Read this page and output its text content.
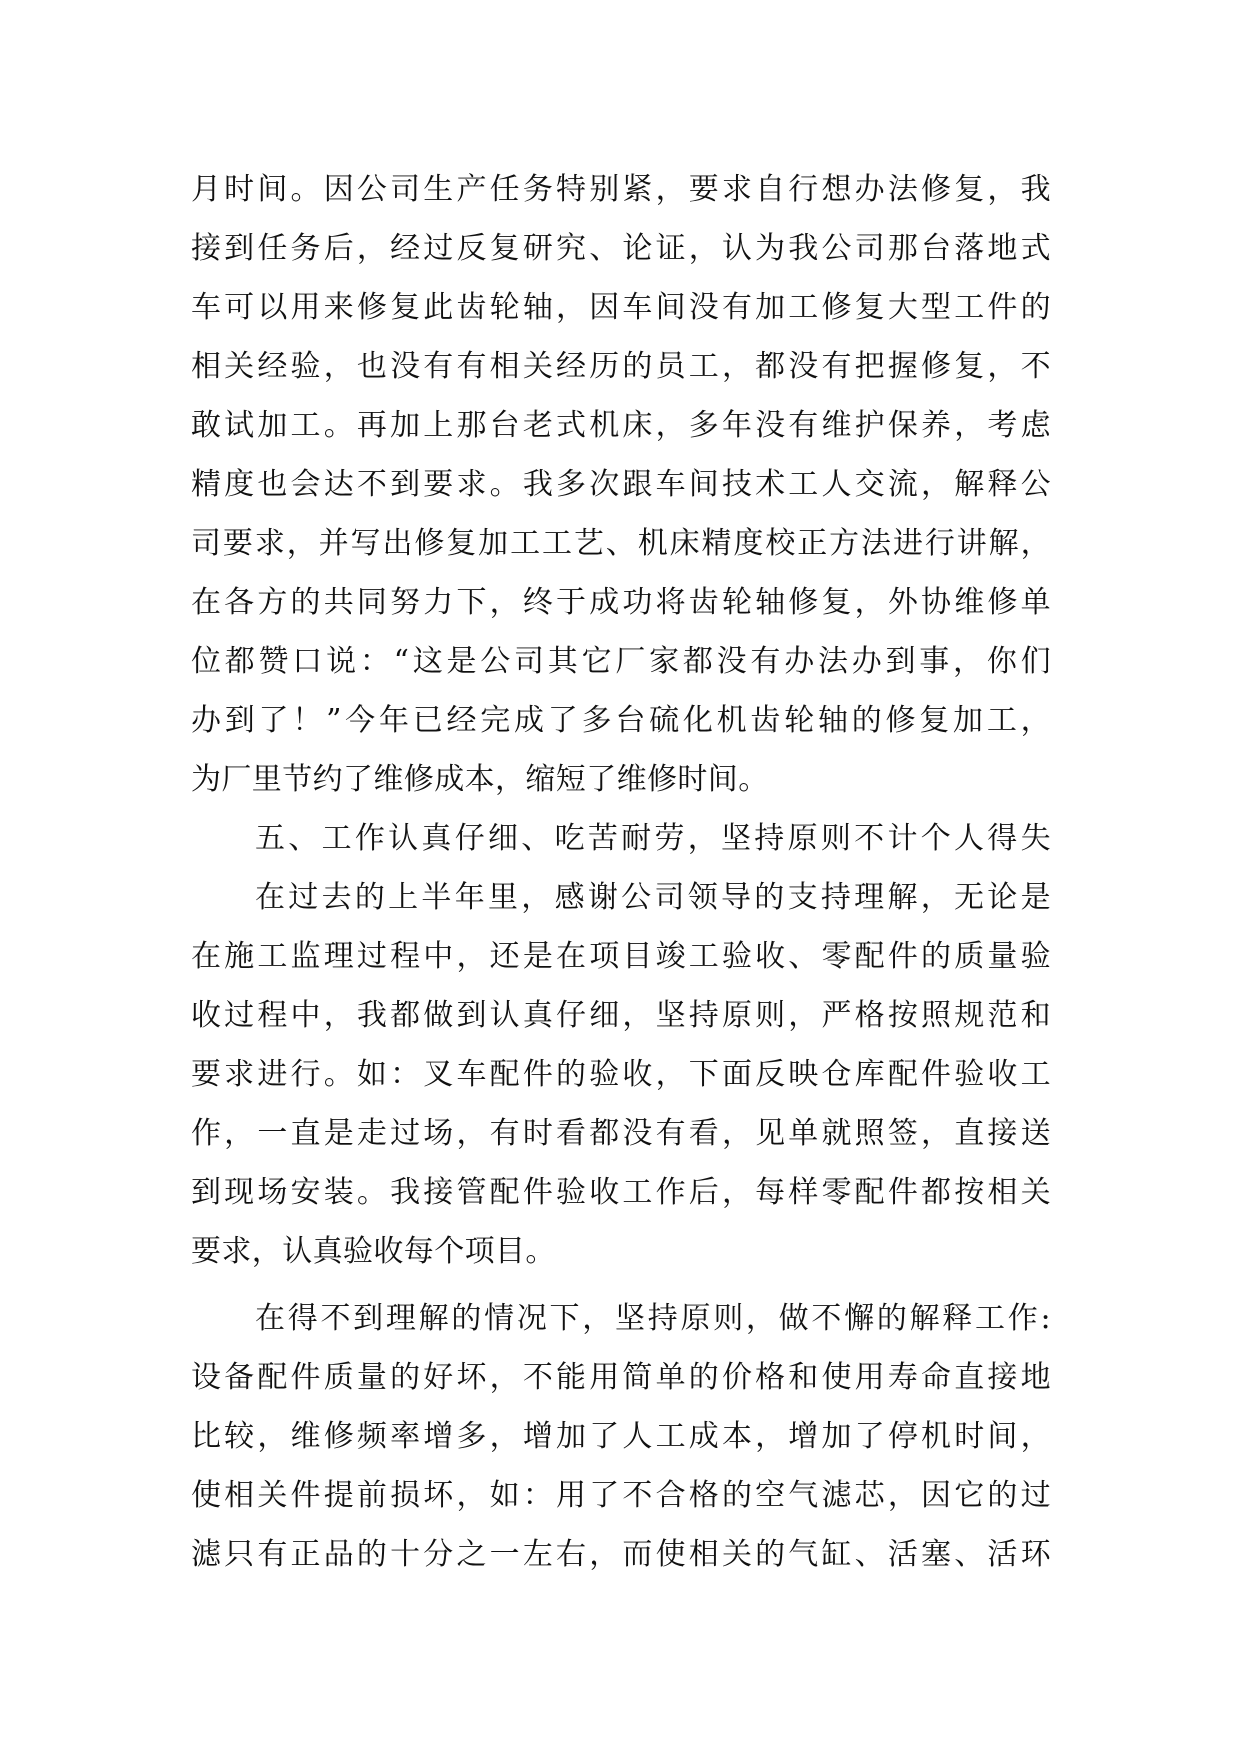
月时间。因公司生产任务特别紧，要求自行想办法修复，我
接到任务后，经过反复研究、论证，认为我公司那台落地式
车可以用来修复此齿轮轴，因车间没有加工修复大型工件的
相关经验，也没有有相关经历的员工，都没有把握修复，不
敢试加工。再加上那台老式机床，多年没有维护保养，考虑
精度也会达不到要求。我多次跟车间技术工人交流，解释公
司要求，并写出修复加工工艺、机床精度校正方法进行讲解，
在各方的共同努力下，终于成功将齿轮轴修复，外协维修单
位都赞口说：“这是公司其它厂家都没有办法办到事，你们
办到了！”今年已经完成了多台硫化机齿轮轴的修复加工，
为厂里节约了维修成本，缩短了维修时间。
五、工作认真仔细、吃苦耐劳，坚持原则不计个人得失
在过去的上半年里，感谢公司领导的支持理解，无论是
在施工监理过程中，还是在项目竣工验收、零配件的质量验
收过程中，我都做到认真仔细，坚持原则，严格按照规范和
要求进行。如：叉车配件的验收，下面反映仓库配件验收工
作，一直是走过场，有时看都没有看，见单就照签，直接送
到现场安装。我接管配件验收工作后，每样零配件都按相关
要求，认真验收每个项目。
在得不到理解的情况下，坚持原则，做不懈的解释工作:
设备配件质量的好坏，不能用简单的价格和使用寿命直接地
比较，维修频率增多，增加了人工成本，增加了停机时间，
使相关件提前损坏，如：用了不合格的空气滤芯，因它的过
滤只有正品的十分之一左右，而使相关的气缸、活塞、活环
